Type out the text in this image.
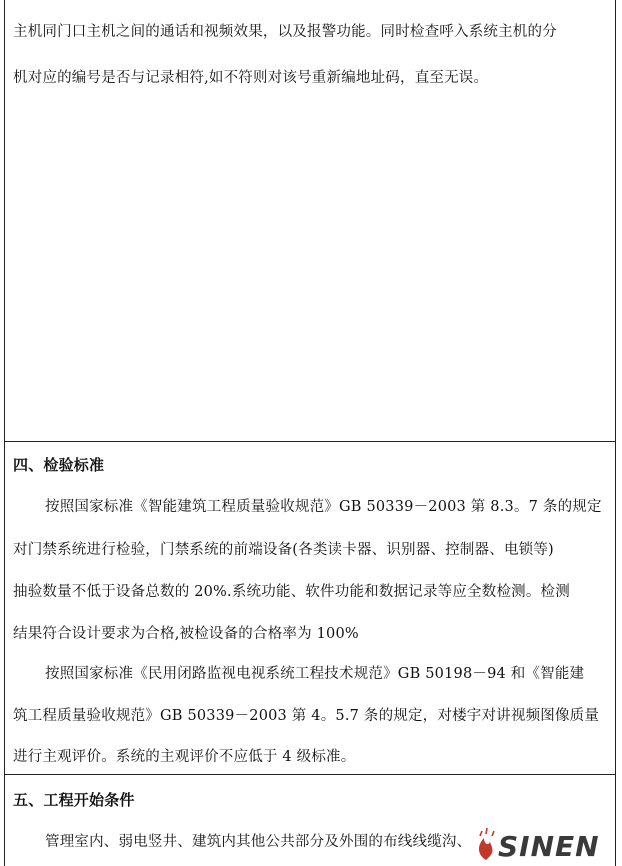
主机同门口主机之间的通话和视频效果，以及报警功能。同时检查呼入系统主机的分
机对应的编号是否与记录相符,如不符则对该号重新编地址码，直至无误。
四、检验标准
按照国家标准《智能建筑工程质量验收规范》GB 50339－2003 第 8.3。7 条的规定
对门禁系统进行检验，门禁系统的前端设备(各类读卡器、识别器、控制器、电锁等)
抽验数量不低于设备总数的 20%.系统功能、软件功能和数据记录等应全数检测。检测
结果符合设计要求为合格,被检设备的合格率为 100%
按照国家标准《民用闭路监视电视系统工程技术规范》GB 50198－94 和《智能建
筑工程质量验收规范》GB 50339－2003 第 4。5.7 条的规定，对楼宇对讲视频图像质量
进行主观评价。系统的主观评价不应低于 4 级标准。
五、工程开始条件
管理室内、弱电竖井、建筑内其他公共部分及外围的布线线缆沟、 SINEN
